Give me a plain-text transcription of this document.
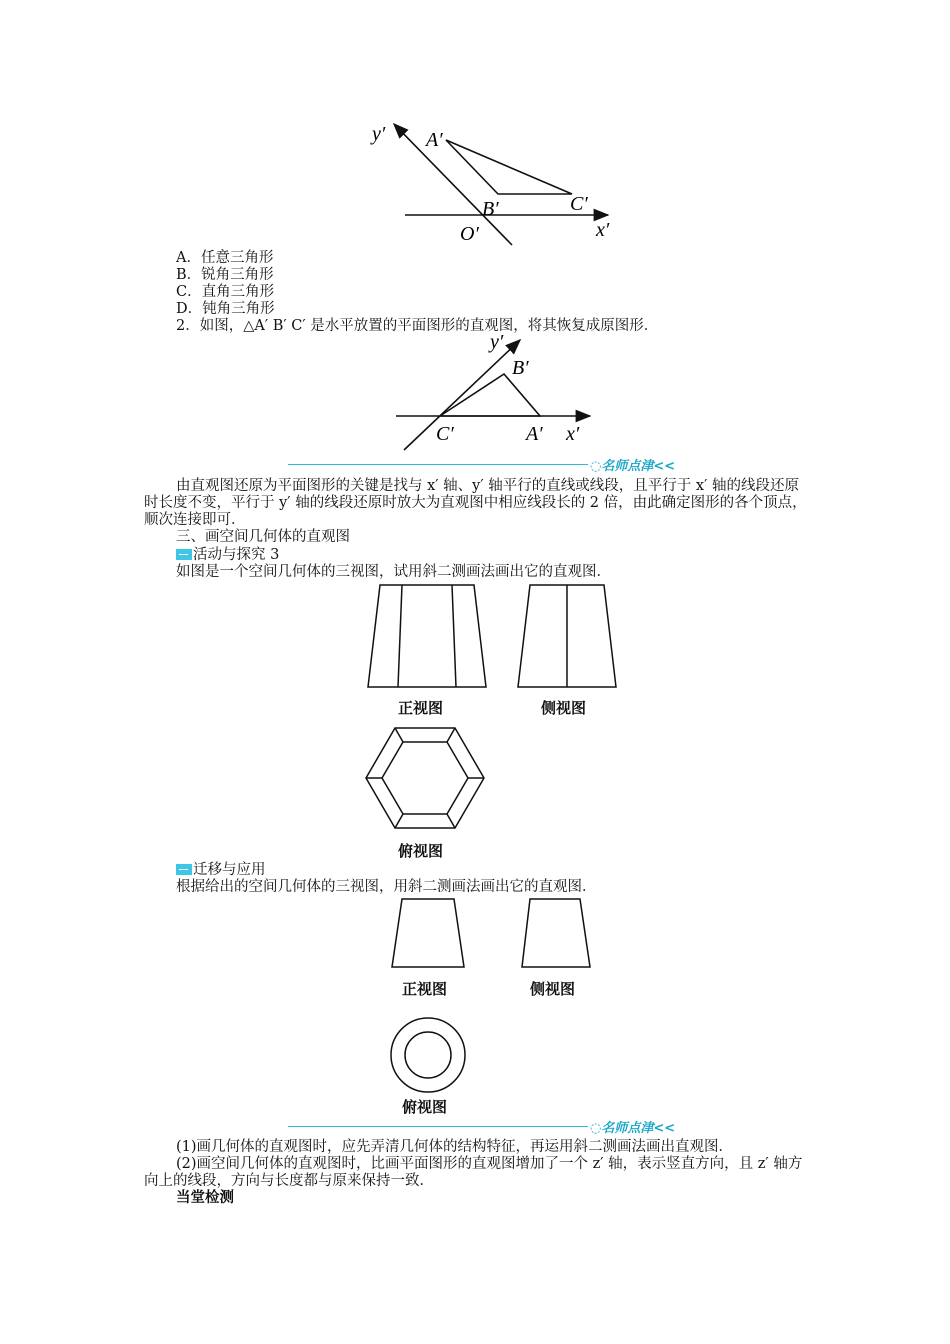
y′ A′
B′	C′
O′	x′
A．任意三角形
B．锐角三角形
C．直角三角形
D．钝角三角形
2．如图，△A′ B′ C′ 是水平放置的平面图形的直观图，将其恢复成原图形．
y′
B′
C′	A′ x′
◌名师点津<<
由直观图还原为平面图形的关键是找与 x′ 轴、y′ 轴平行的直线或线段，且平行于 x′ 轴的线段还原时长度不变，平行于 y′ 轴的线段还原时放大为直观图中相应线段长的 2 倍，由此确定图形的各个顶点，顺次连接即可．
三、画空间几何体的直观图
活动与探究 3
如图是一个空间几何体的三视图，试用斜二测画法画出它的直观图．
正视图	侧视图
俯视图
迁移与应用
根据给出的空间几何体的三视图，用斜二测画法画出它的直观图．
正视图	侧视图
俯视图
◌名师点津<<
(1)画几何体的直观图时，应先弄清几何体的结构特征，再运用斜二测画法画出直观图．
(2)画空间几何体的直观图时，比画平面图形的直观图增加了一个 z′ 轴，表示竖直方向，且 z′ 轴方向上的线段，方向与长度都与原来保持一致．
当堂检测
